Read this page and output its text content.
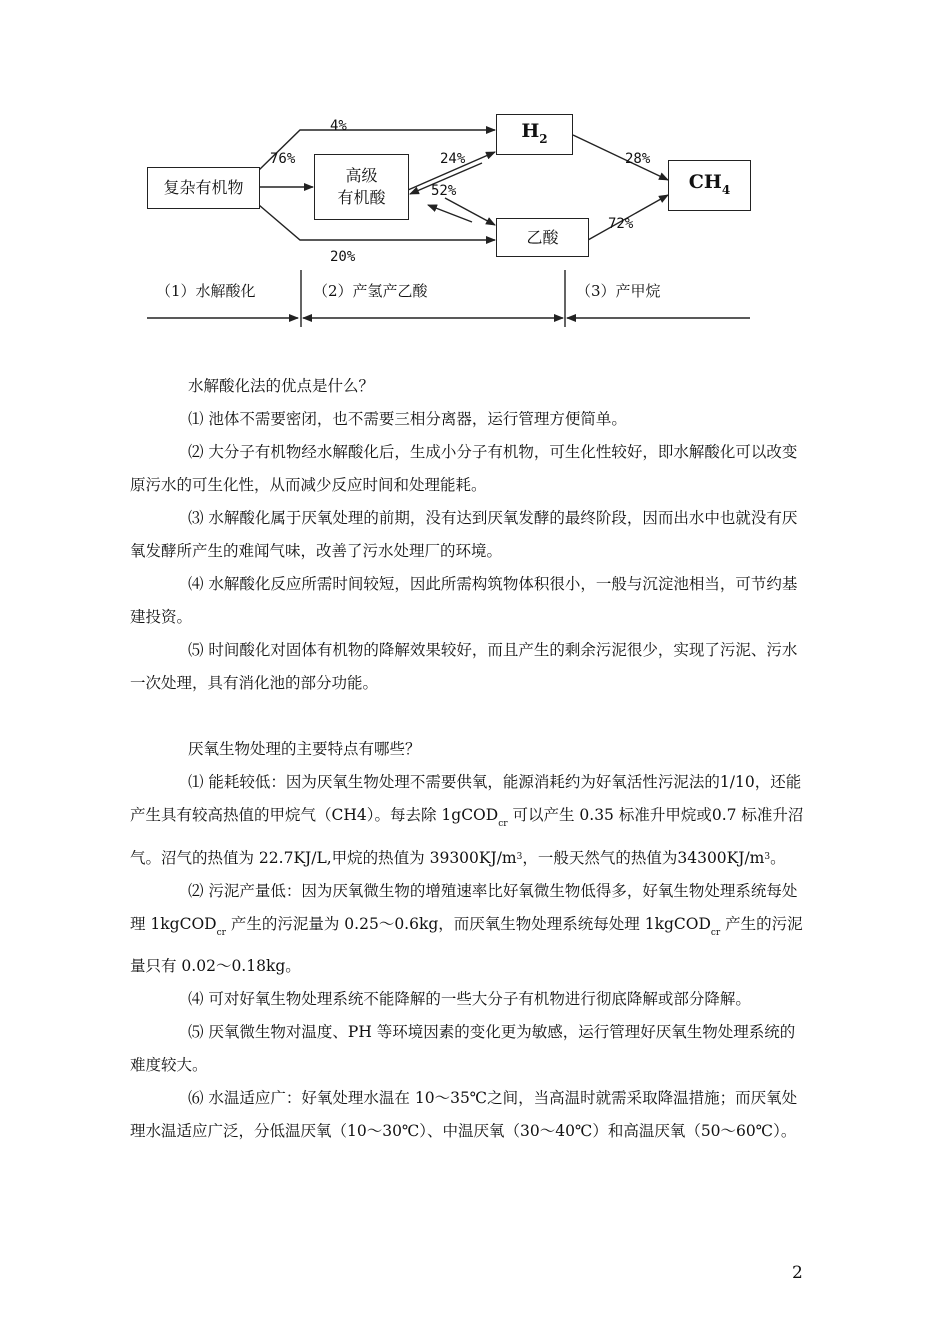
复杂有机物
高级
有机酸
$H_2$
乙酸
$CH_4$
4%
76%
20%
24%
52%
28%
72%
（1）水解酸化	（2）产氢产乙酸	（3）产甲烷

水解酸化法的优点是什么？

⑴ 池体不需要密闭，也不需要三相分离器，运行管理方便简单。

⑵ 大分子有机物经水解酸化后，生成小分子有机物，可生化性较好，即水解酸化可以改变原污水的可生化性，从而减少反应时间和处理能耗。

⑶ 水解酸化属于厌氧处理的前期，没有达到厌氧发酵的最终阶段，因而出水中也就没有厌氧发酵所产生的难闻气味，改善了污水处理厂的环境。

⑷ 水解酸化反应所需时间较短，因此所需构筑物体积很小，一般与沉淀池相当，可节约基建投资。

⑸ 时间酸化对固体有机物的降解效果较好，而且产生的剩余污泥很少，实现了污泥、污水一次处理，具有消化池的部分功能。

厌氧生物处理的主要特点有哪些？

⑴ 能耗较低：因为厌氧生物处理不需要供氧，能源消耗约为好氧活性污泥法的1/10，还能产生具有较高热值的甲烷气（CH4）。每去除 1gCOD$_{cr}$ 可以产生 0.35 标准升甲烷或0.7 标准升沼气。沼气的热值为 22.7KJ/L,甲烷的热值为 $39300KJ/m^3$，一般天然气的热值为$34300KJ/m^3$。

⑵ 污泥产量低：因为厌氧微生物的增殖速率比好氧微生物低得多，好氧生物处理系统每处理 1kgCOD$_{cr}$ 产生的污泥量为 0.25～0.6kg，而厌氧生物处理系统每处理 1kgCOD$_{cr}$ 产生的污泥量只有 0.02～0.18kg。

⑷ 可对好氧生物处理系统不能降解的一些大分子有机物进行彻底降解或部分降解。

⑸ 厌氧微生物对温度、PH 等环境因素的变化更为敏感，运行管理好厌氧生物处理系统的难度较大。

⑹ 水温适应广：好氧处理水温在 10～35℃之间，当高温时就需采取降温措施；而厌氧处理水温适应广泛，分低温厌氧（10～30℃）、中温厌氧（30～40℃）和高温厌氧（50～60℃）。

2
